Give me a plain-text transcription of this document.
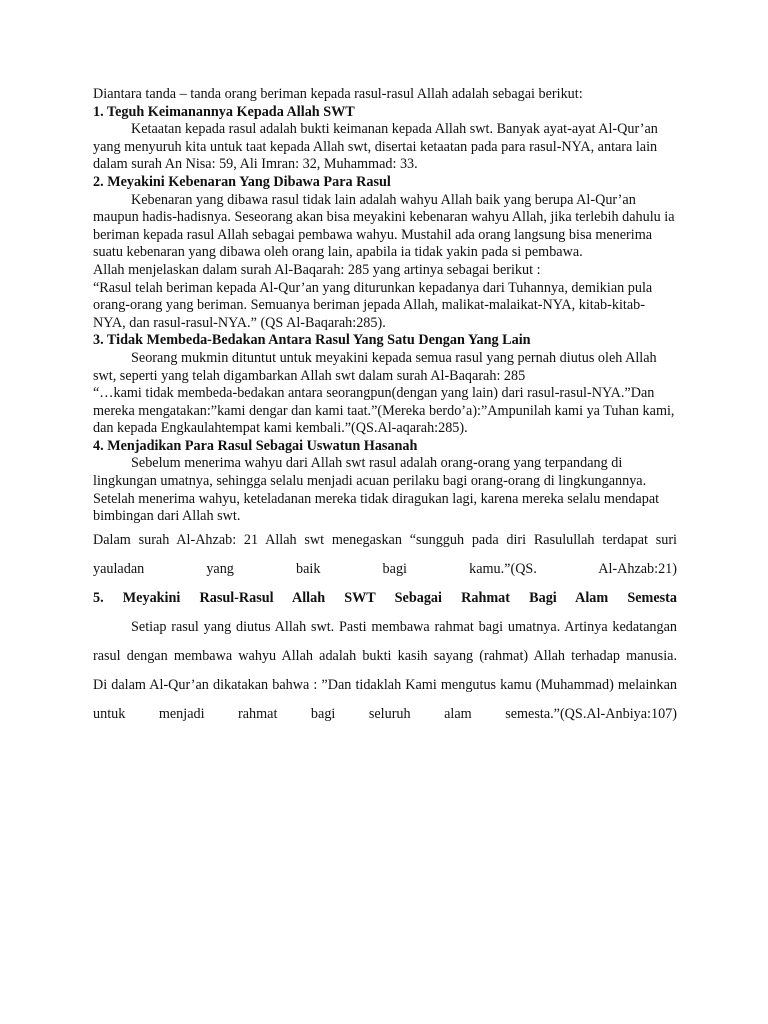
Diantara tanda – tanda orang beriman kepada rasul-rasul Allah adalah sebagai berikut:

1. Teguh Keimanannya Kepada Allah SWT

Ketaatan kepada rasul adalah bukti keimanan kepada Allah swt. Banyak ayat-ayat Al-Qur’an yang menyuruh kita untuk taat kepada Allah swt, disertai ketaatan pada para rasul-NYA, antara lain dalam surah An Nisa: 59, Ali Imran: 32, Muhammad: 33.

2. Meyakini Kebenaran Yang Dibawa Para Rasul

Kebenaran yang dibawa rasul tidak lain adalah wahyu Allah baik yang berupa Al-Qur’an maupun hadis-hadisnya. Seseorang akan bisa meyakini kebenaran wahyu Allah, jika terlebih dahulu ia beriman kepada rasul Allah sebagai pembawa wahyu. Mustahil ada orang langsung bisa menerima suatu kebenaran yang dibawa oleh orang lain, apabila ia tidak yakin pada si pembawa.

Allah menjelaskan dalam surah Al-Baqarah: 285 yang artinya sebagai berikut :

“Rasul telah beriman kepada Al-Qur’an yang diturunkan kepadanya dari Tuhannya, demikian pula orang-orang yang beriman. Semuanya beriman jepada Allah, malikat-malaikat-NYA, kitab-kitab-NYA, dan rasul-rasul-NYA.” (QS Al-Baqarah:285).

3. Tidak Membeda-Bedakan Antara Rasul Yang Satu Dengan Yang Lain

Seorang mukmin dituntut untuk meyakini kepada semua rasul yang pernah diutus oleh Allah swt, seperti yang telah digambarkan Allah swt dalam surah Al-Baqarah: 285

“…kami tidak membeda-bedakan antara seorangpun(dengan yang lain) dari rasul-rasul-NYA.”Dan mereka mengatakan:”kami dengar dan kami taat.”(Mereka berdo’a):”Ampunilah kami ya Tuhan kami, dan kepada Engkaulahtempat kami kembali.”(QS.Al-aqarah:285).

4. Menjadikan Para Rasul Sebagai Uswatun Hasanah

Sebelum menerima wahyu dari Allah swt rasul adalah orang-orang yang terpandang di lingkungan umatnya, sehingga selalu menjadi acuan perilaku bagi orang-orang di lingkungannya. Setelah menerima wahyu, keteladanan mereka tidak diragukan lagi, karena mereka selalu mendapat bimbingan dari Allah swt.

Dalam surah Al-Ahzab: 21 Allah swt menegaskan “sungguh pada diri Rasulullah terdapat suri yauladan yang baik bagi kamu.”(QS. Al-Ahzab:21)

5. Meyakini Rasul-Rasul Allah SWT Sebagai Rahmat Bagi Alam Semesta

Setiap rasul yang diutus Allah swt. Pasti membawa rahmat bagi umatnya. Artinya kedatangan rasul dengan membawa wahyu Allah adalah bukti kasih sayang (rahmat) Allah terhadap manusia.

Di dalam Al-Qur’an dikatakan bahwa : ”Dan tidaklah Kami mengutus kamu (Muhammad) melainkan untuk menjadi rahmat bagi seluruh alam semesta.”(QS.Al-Anbiya:107)
